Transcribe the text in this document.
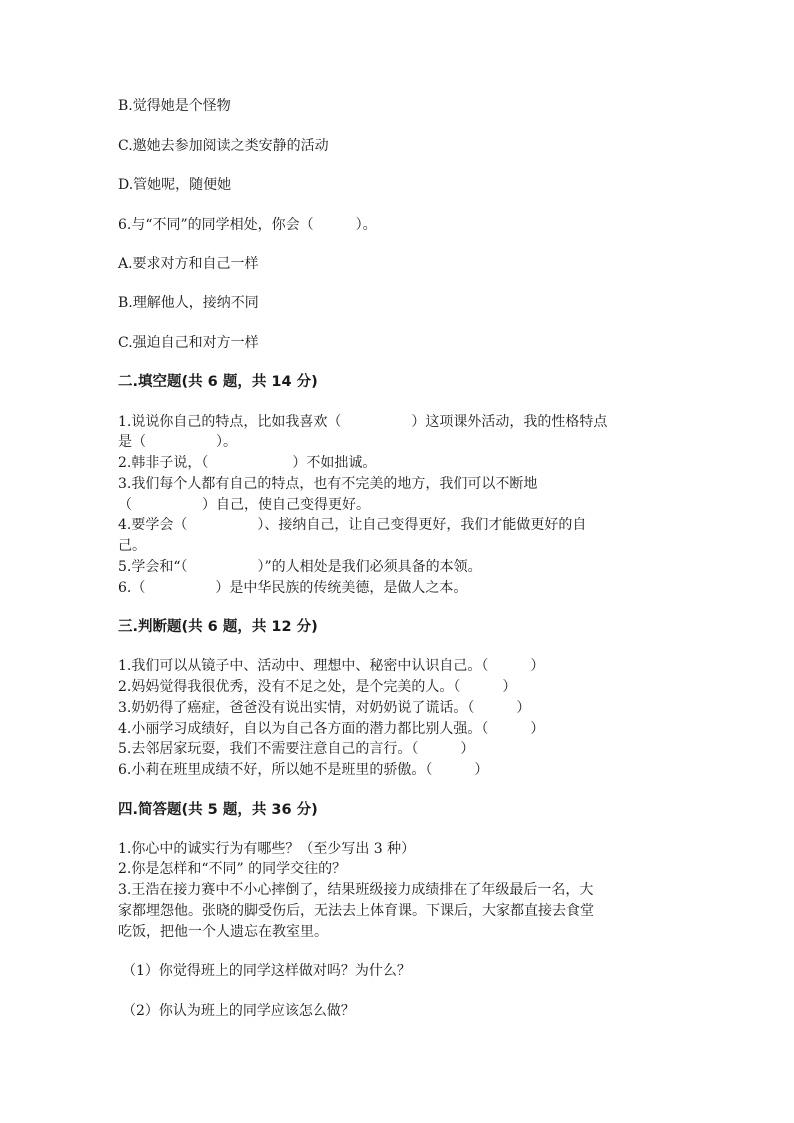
B.觉得她是个怪物
C.邀她去参加阅读之类安静的活动
D.管她呢，随便她
6.与“不同”的同学相处，你会（　　　）。
A.要求对方和自己一样
B.理解他人，接纳不同
C.强迫自己和对方一样
二.填空题(共 6 题，共 14 分)
1.说说你自己的特点，比如我喜欢（　　　　　）这项课外活动，我的性格特点
是（　　　　　）。
2.韩非子说，（　　　　　　）不如拙诚。
3.我们每个人都有自己的特点，也有不完美的地方，我们可以不断地
（　　　　　）自己，使自己变得更好。
4.要学会（　　　　　）、接纳自己，让自己变得更好，我们才能做更好的自
己。
5.学会和“（　　　　　）”的人相处是我们必须具备的本领。
6.（　　　　　）是中华民族的传统美德，是做人之本。
三.判断题(共 6 题，共 12 分)
1.我们可以从镜子中、活动中、理想中、秘密中认识自己。（　　　）
2.妈妈觉得我很优秀，没有不足之处，是个完美的人。（　　　）
3.奶奶得了癌症，爸爸没有说出实情，对奶奶说了谎话。（　　　）
4.小丽学习成绩好，自以为自己各方面的潜力都比别人强。（　　　）
5.去邻居家玩耍，我们不需要注意自己的言行。（　　　）
6.小莉在班里成绩不好，所以她不是班里的骄傲。（　　　）
四.简答题(共 5 题，共 36 分)
1.你心中的诚实行为有哪些？（至少写出 3 种）
2.你是怎样和“不同” 的同学交往的？
3.王浩在接力赛中不小心摔倒了，结果班级接力成绩排在了年级最后一名，大
家都埋怨他。张晓的脚受伤后，无法去上体育课。下课后，大家都直接去食堂
吃饭，把他一个人遗忘在教室里。
（1）你觉得班上的同学这样做对吗？为什么？
（2）你认为班上的同学应该怎么做？
